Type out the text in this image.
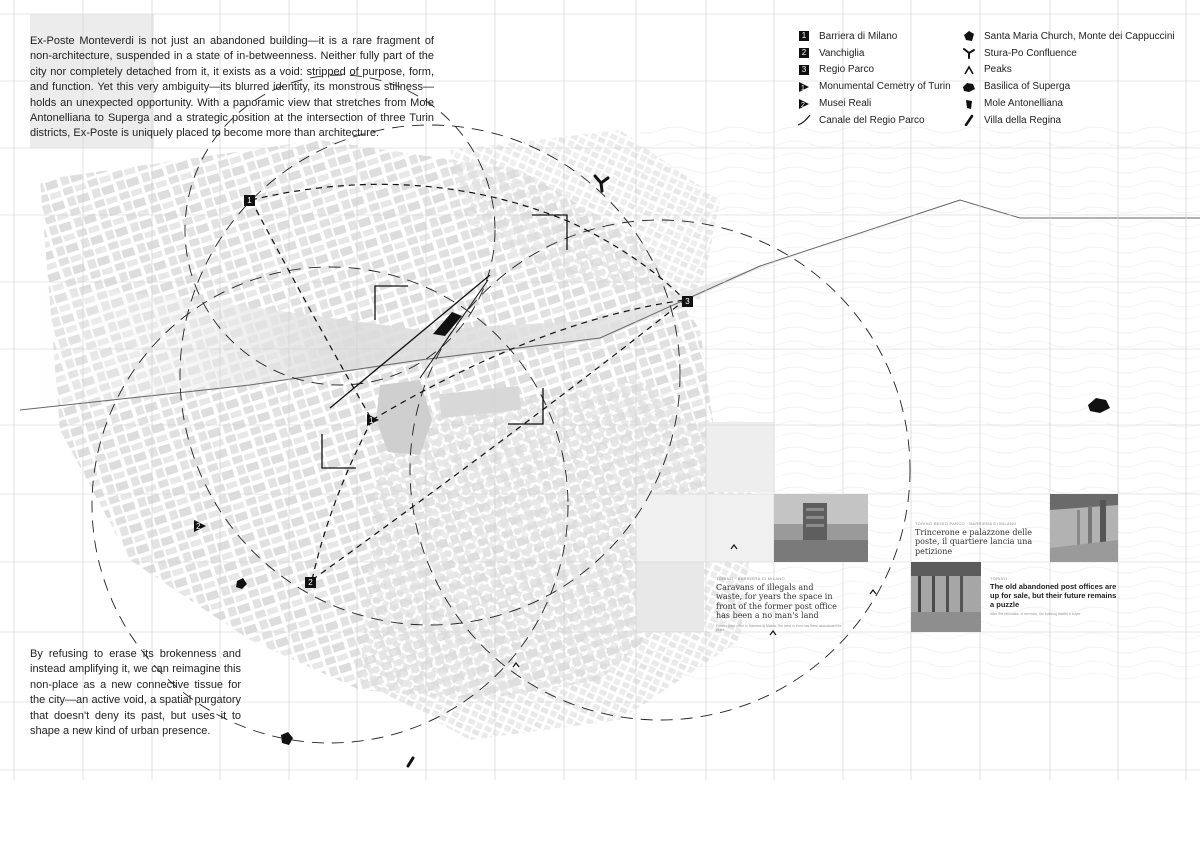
1
3
2
1
2
Ex-Poste Monteverdi is not just an abandoned building—it is a rare fragment of non-architecture, suspended in a state of in-betweenness. Neither fully part of the city nor completely detached from it, it exists as a void: stripped of purpose, form, and function. Yet this very ambiguity—its blurred identity, its monstrous stillness—holds an unexpected opportunity. With a panoramic view that stretches from Mole Antonelliana to Superga and a strategic position at the intersection of three Turin districts, Ex-Poste is uniquely placed to become more than architecture.
By refusing to erase its brokenness and instead amplifying it, we can reimagine this non-place as a new connective tissue for the city—an active void, a spatial purgatory that doesn't deny its past, but uses it to shape a new kind of urban presence.
1 Barriera di Milano
2 Vanchiglia
3 Regio Parco
1 Monumental Cemetry of Turin
2 Musei Reali
Canale del Regio Parco
Santa Maria Church, Monte dei Cappuccini
Stura-Po Confluence
Peaks
Basilica of Superga
Mole Antonelliana
Villa della Regina
TORINO REGIO PARCO · BARRIERA DI MILANO
Trincerone e palazzone delle poste, il quartiere lancia una petizione
TORINO · BARRIERA DI MILANO
Caravans of illegals and waste, for years the space in front of the former post office has been a no man's land
Former post office in Barriera di Milano: the area in front has been abandoned for years
TORINO
The old abandoned post offices are up for sale, but their future remains a puzzle
After the relocation of services, the building awaits a buyer
